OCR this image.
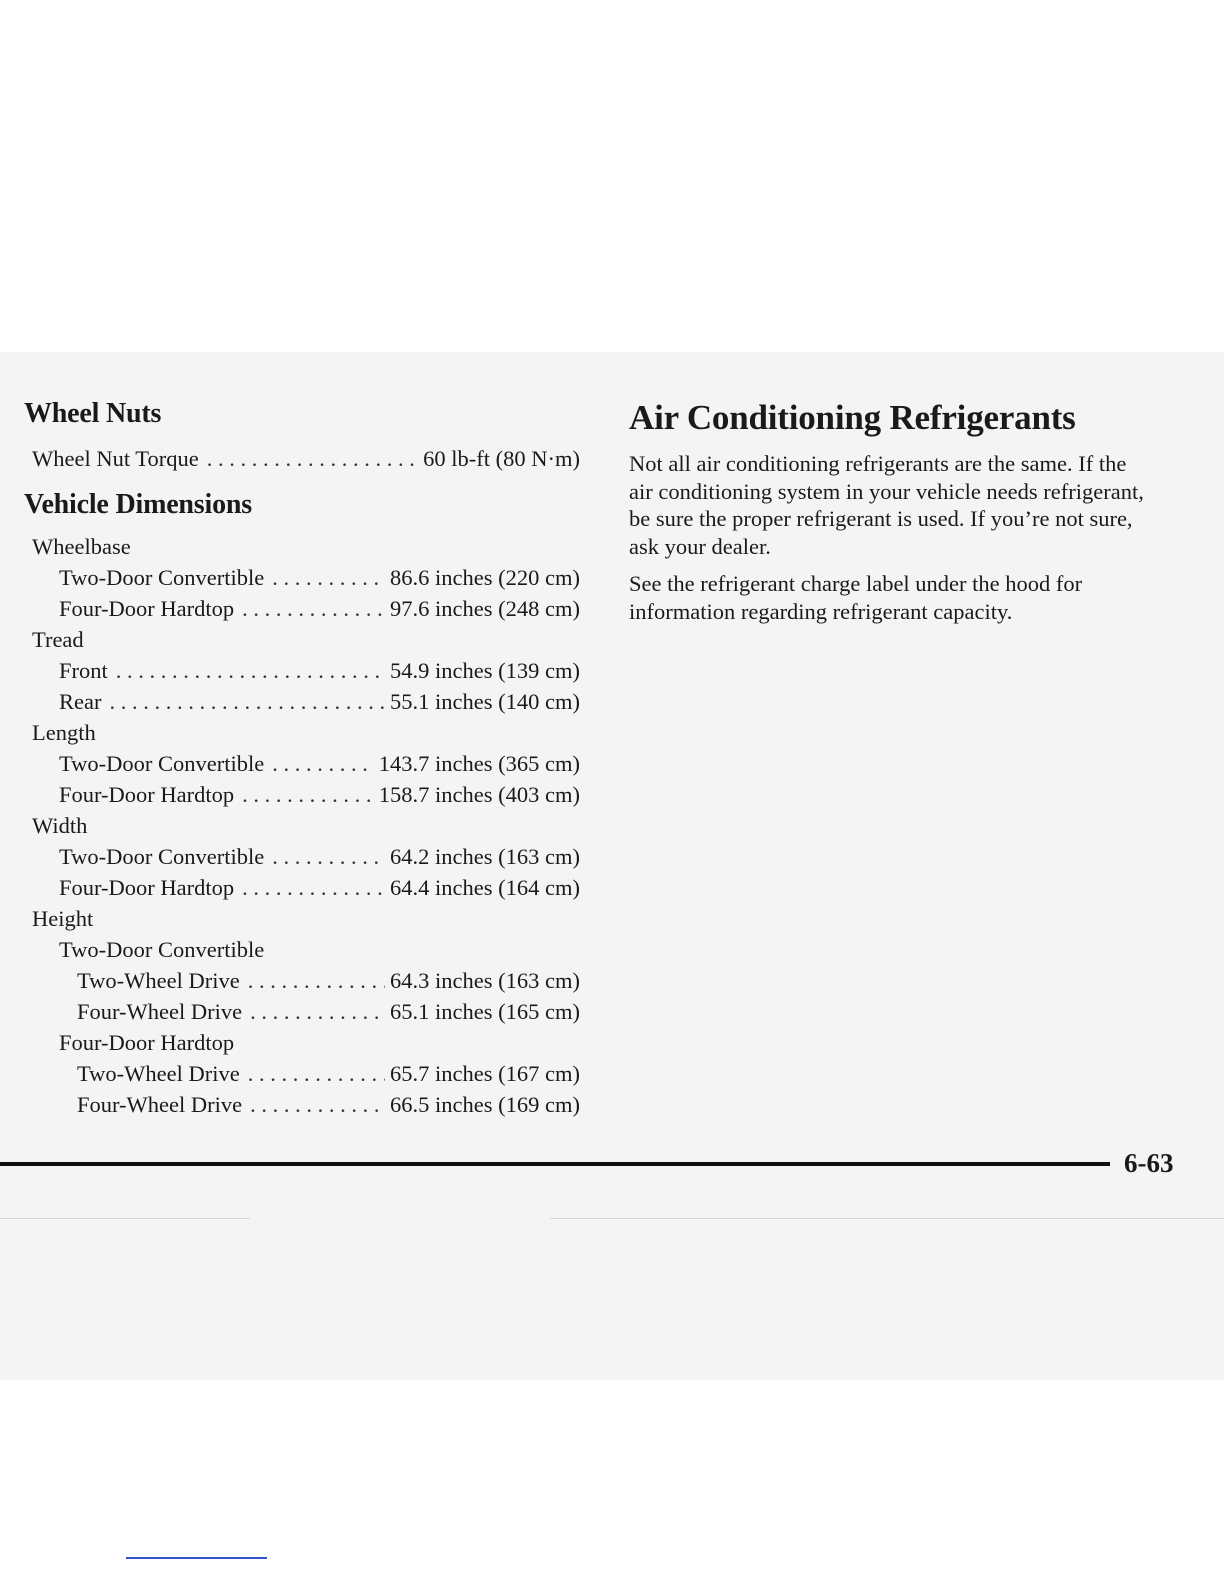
Wheel Nuts
Wheel Nut Torque . . .	60 lb-ft (80 N·m)
Vehicle Dimensions
Wheelbase
Two-Door Convertible . . .	86.6 inches (220 cm)
Four-Door Hardtop . . .	97.6 inches (248 cm)
Tread
Front . . .	54.9 inches (139 cm)
Rear . . .	55.1 inches (140 cm)
Length
Two-Door Convertible . . .	143.7 inches (365 cm)
Four-Door Hardtop . . .	158.7 inches (403 cm)
Width
Two-Door Convertible . . .	64.2 inches (163 cm)
Four-Door Hardtop . . .	64.4 inches (164 cm)
Height
Two-Door Convertible
Two-Wheel Drive . . .	64.3 inches (163 cm)
Four-Wheel Drive . . .	65.1 inches (165 cm)
Four-Door Hardtop
Two-Wheel Drive . . .	65.7 inches (167 cm)
Four-Wheel Drive . . .	66.5 inches (169 cm)
Air Conditioning Refrigerants

Not all air conditioning refrigerants are the same. If the air conditioning system in your vehicle needs refrigerant, be sure the proper refrigerant is used. If you’re not sure, ask your dealer.

See the refrigerant charge label under the hood for information regarding refrigerant capacity.

6-63
